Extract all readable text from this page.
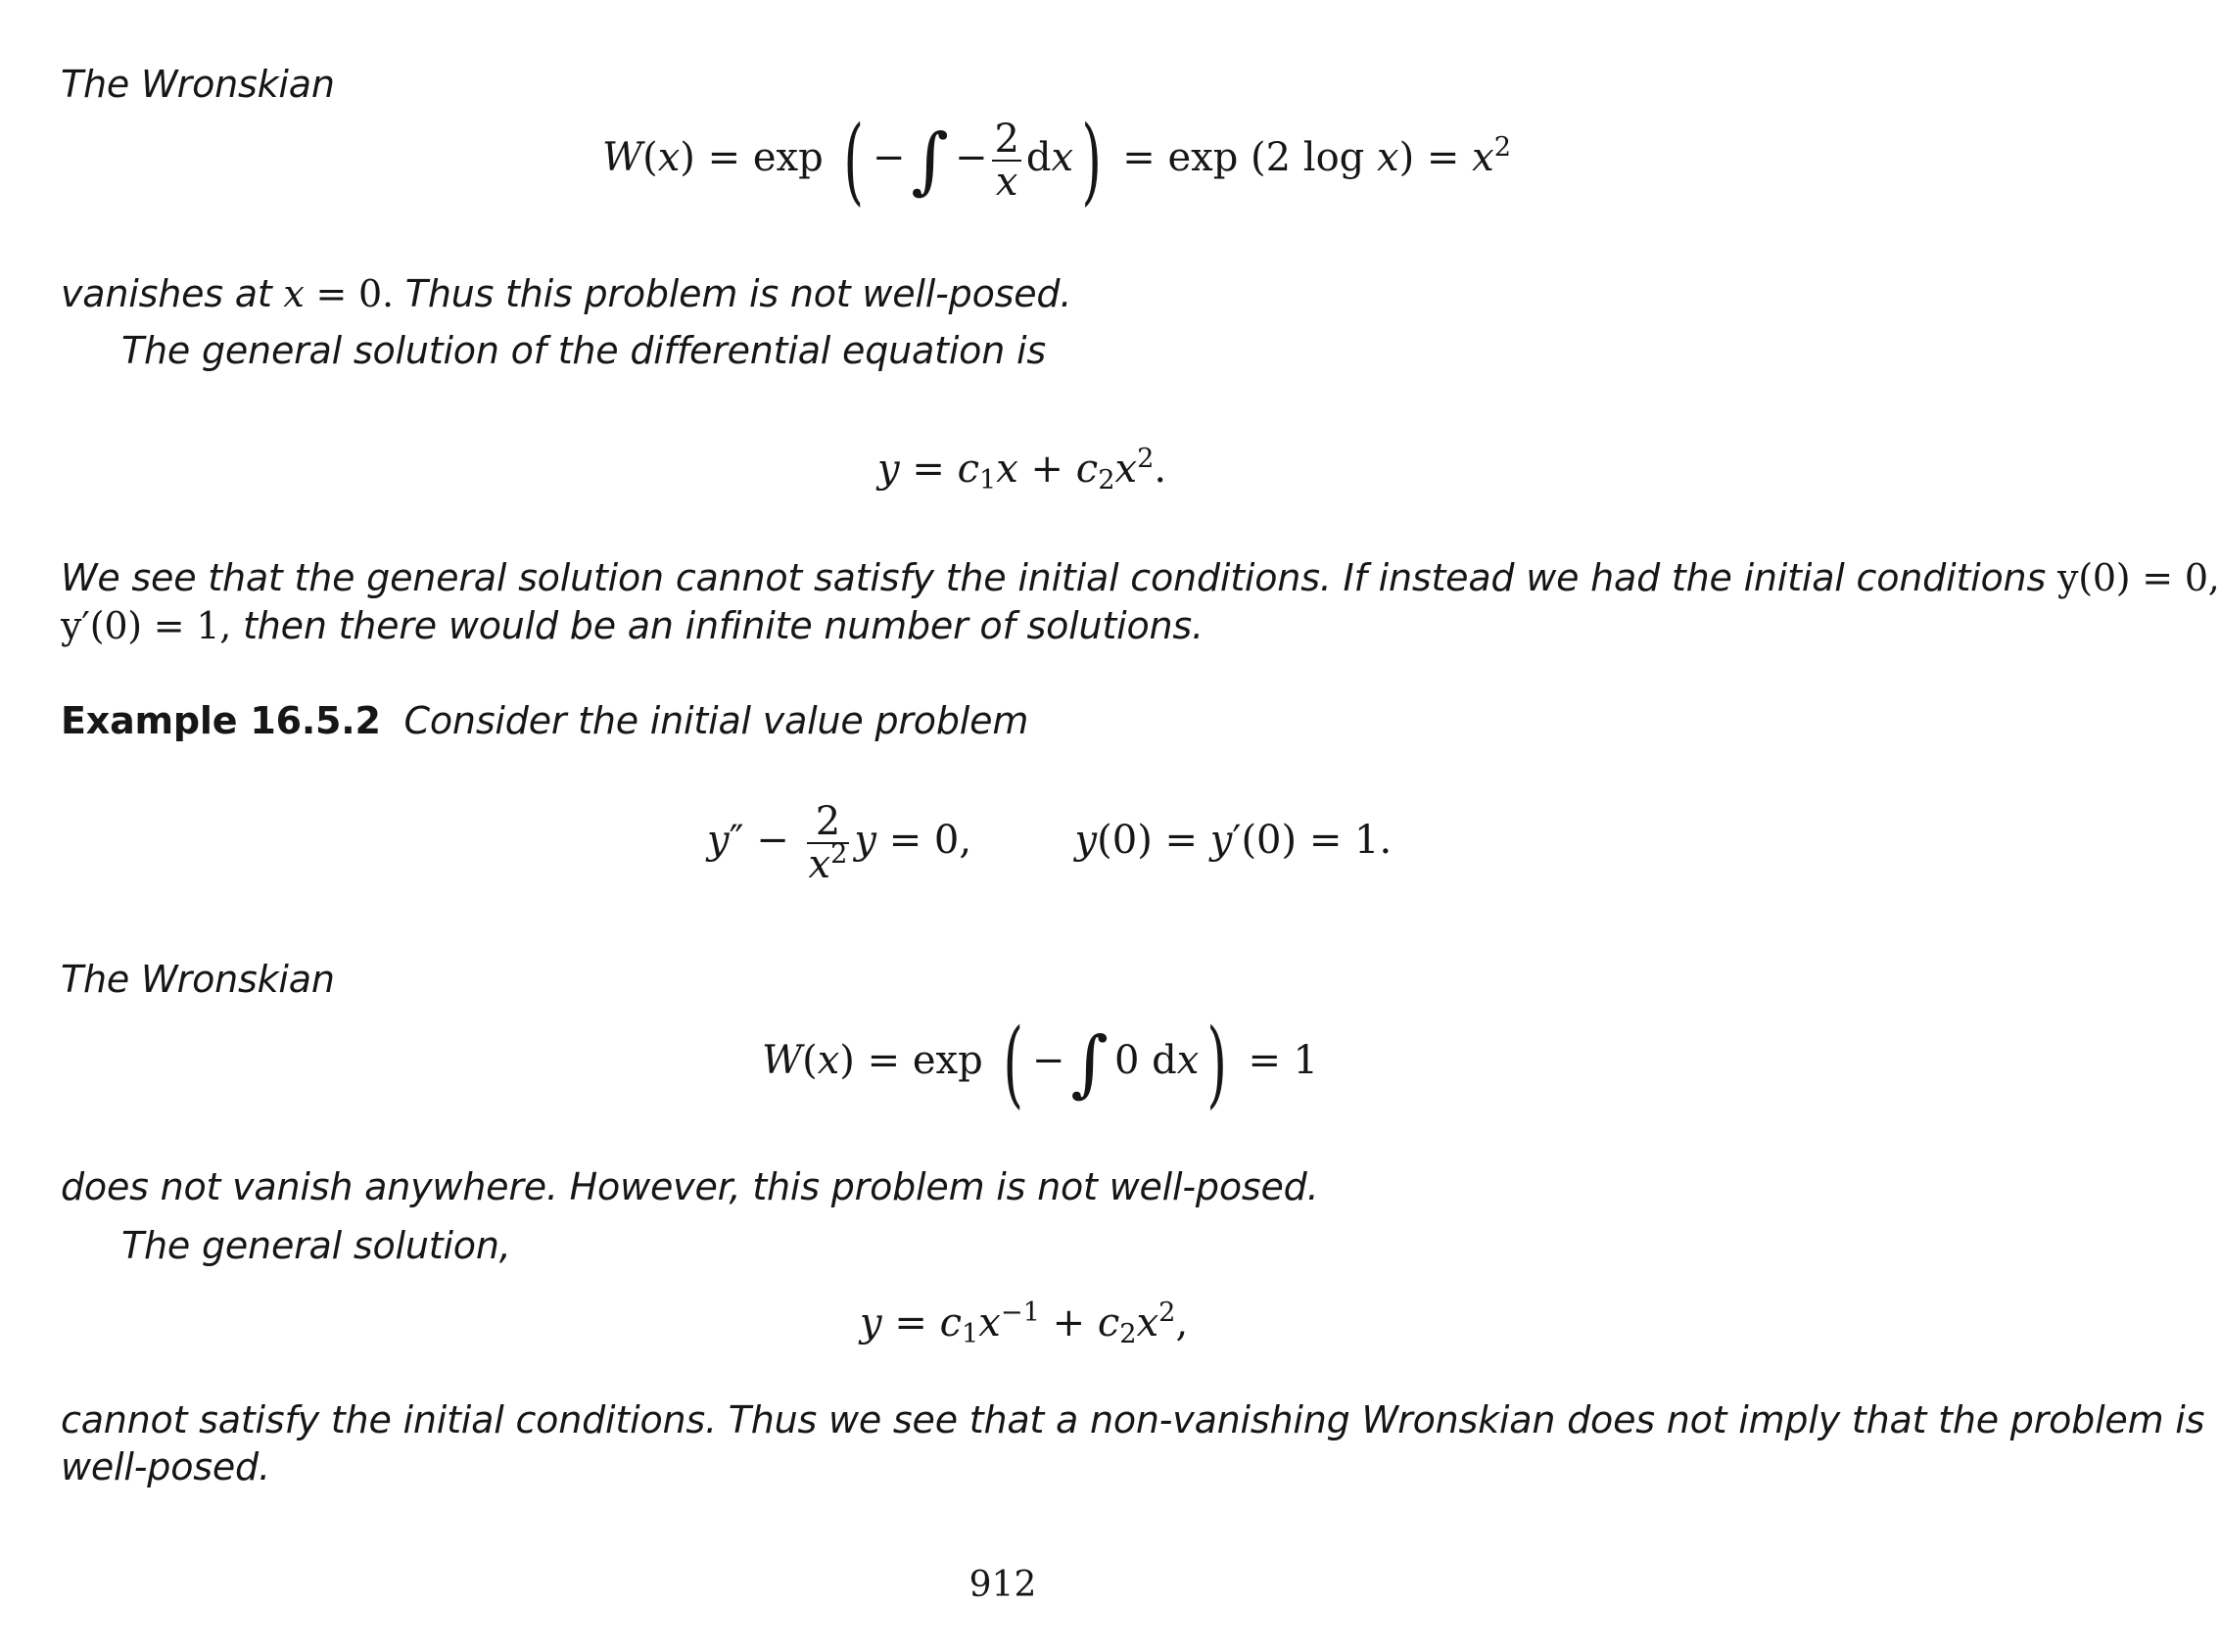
The Wronskian
W(x) = exp ( −∫ − $\frac{2}{x} dx) = \exp (2$ $\log x) = x^2$
vanishes at x = 0. Thus this problem is not well-posed.
The general solution of the differential equation is
$y = c_1x + c_2x^2$.
We see that the general solution cannot satisfy the initial conditions. If instead we had the initial conditions y(0) = 0,
y′(0) = 1, then there would be an infinite number of solutions.
Example 16.5.2 Consider the initial value problem
$y'' - \frac{2}{x^2}$ y = 0,  y(0) = y′(0) = 1.
The Wronskian
W(x) = exp ( −∫ 0 dx) = 1
does not vanish anywhere. However, this problem is not well-posed.
The general solution,
$y = c_1x^{-1} + c_2x^2$,
cannot satisfy the initial conditions. Thus we see that a non-vanishing Wronskian does not imply that the problem is
well-posed.
912
